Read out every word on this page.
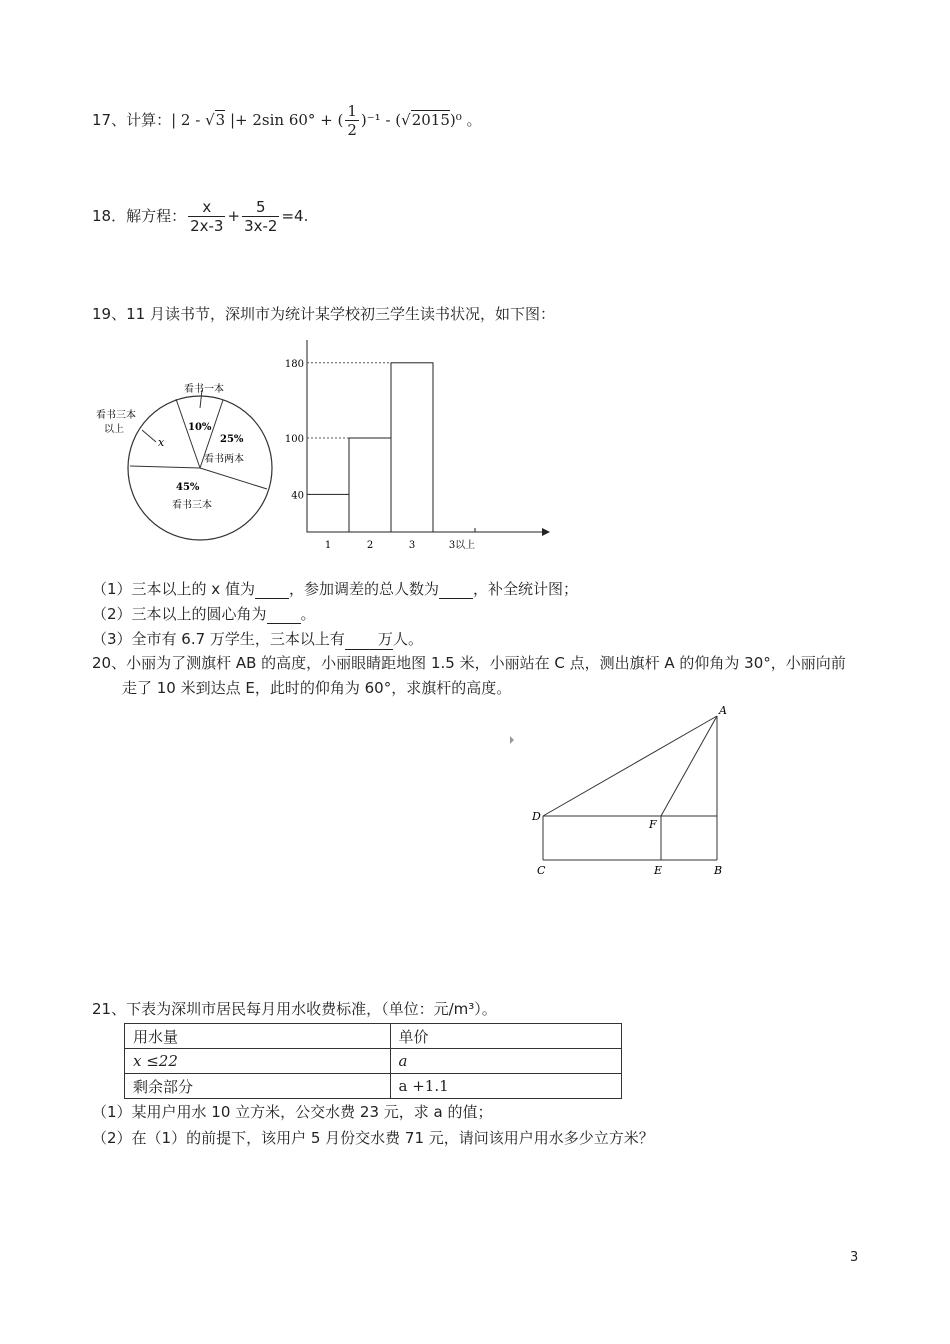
17、计算：| 2 - √3 |+ 2sin 60° + ( $\frac{1}{2} )^{-1} - (√2015)^0$ 。
18．解方程： $\frac{x}{2x-3} + \frac{5}{3x-2} =4$.
19、11 月读书节，深圳市为统计某学校初三学生读书状况，如下图：
看书一本
看书三本
以上
x
10%
25%
看书两本
45%
看书三本
40
100
180
1	2	3	3以上
（1）三本以上的 x 值为 ，参加调差的总人数为 ，补全统计图；
（2）三本以上的圆心角为 。
（3）全市有 6.7 万学生，三本以上有 万人。
20、小丽为了测旗杆 AB 的高度，小丽眼睛距地图 1.5 米，小丽站在 C 点，测出旗杆 A 的仰角为 30°，小丽向前
走了 10 米到达点 E，此时的仰角为 60°，求旗杆的高度。
A
D
F
C	E	B
21、下表为深圳市居民每月用水收费标准，（单位：元/m³）。
用水量	单价
x ≤22	a
剩余部分	a +1.1
（1）某用户用水 10 立方米，公交水费 23 元，求 a 的值；
（2）在（1）的前提下，该用户 5 月份交水费 71 元，请问该用户用水多少立方米？
3
